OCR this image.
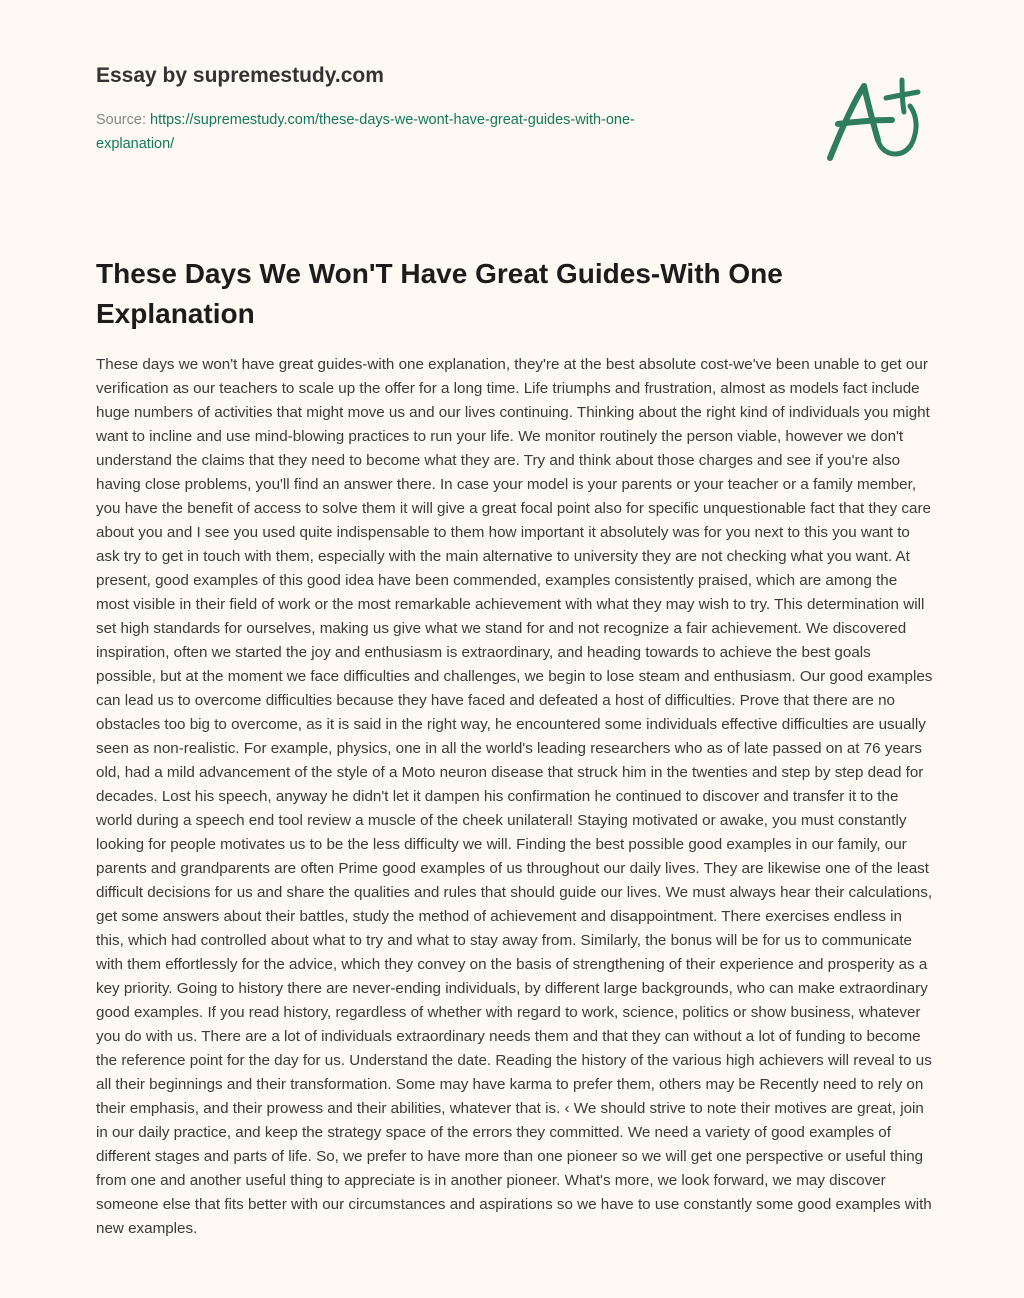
Essay by supremestudy.com
Source: https://supremestudy.com/these-days-we-wont-have-great-guides-with-one-
explanation/
These Days We Won'T Have Great Guides-With One Explanation

These days we won't have great guides-with one explanation, they're at the best absolute cost-we've been unable to get our verification as our teachers to scale up the offer for a long time. Life triumphs and frustration, almost as models fact include huge numbers of activities that might move us and our lives continuing. Thinking about the right kind of individuals you might want to incline and use mind-blowing practices to run your life. We monitor routinely the person viable, however we don't understand the claims that they need to become what they are. Try and think about those charges and see if you're also having close problems, you'll find an answer there. In case your model is your parents or your teacher or a family member, you have the benefit of access to solve them it will give a great focal point also for specific unquestionable fact that they care about you and I see you used quite indispensable to them how important it absolutely was for you next to this you want to ask try to get in touch with them, especially with the main alternative to university they are not checking what you want. At present, good examples of this good idea have been commended, examples consistently praised, which are among the most visible in their field of work or the most remarkable achievement with what they may wish to try. This determination will set high standards for ourselves, making us give what we stand for and not recognize a fair achievement. We discovered inspiration, often we started the joy and enthusiasm is extraordinary, and heading towards to achieve the best goals possible, but at the moment we face difficulties and challenges, we begin to lose steam and enthusiasm. Our good examples can lead us to overcome difficulties because they have faced and defeated a host of difficulties. Prove that there are no obstacles too big to overcome, as it is said in the right way, he encountered some individuals effective difficulties are usually seen as non-realistic. For example, physics, one in all the world's leading researchers who as of late passed on at 76 years old, had a mild advancement of the style of a Moto neuron disease that struck him in the twenties and step by step dead for decades. Lost his speech, anyway he didn't let it dampen his confirmation he continued to discover and transfer it to the world during a speech end tool review a muscle of the cheek unilateral! Staying motivated or awake, you must constantly looking for people motivates us to be the less difficulty we will. Finding the best possible good examples in our family, our parents and grandparents are often Prime good examples of us throughout our daily lives. They are likewise one of the least difficult decisions for us and share the qualities and rules that should guide our lives. We must always hear their calculations, get some answers about their battles, study the method of achievement and disappointment. There exercises endless in this, which had controlled about what to try and what to stay away from. Similarly, the bonus will be for us to communicate with them effortlessly for the advice, which they convey on the basis of strengthening of their experience and prosperity as a key priority. Going to history there are never-ending individuals, by different large backgrounds, who can make extraordinary good examples. If you read history, regardless of whether with regard to work, science, politics or show business, whatever you do with us. There are a lot of individuals extraordinary needs them and that they can without a lot of funding to become the reference point for the day for us. Understand the date. Reading the history of the various high achievers will reveal to us all their beginnings and their transformation. Some may have karma to prefer them, others may be Recently need to rely on their emphasis, and their prowess and their abilities, whatever that is. ‹ We should strive to note their motives are great, join in our daily practice, and keep the strategy space of the errors they committed. We need a variety of good examples of different stages and parts of life. So, we prefer to have more than one pioneer so we will get one perspective or useful thing from one and another useful thing to appreciate is in another pioneer. What's more, we look forward, we may discover someone else that fits better with our circumstances and aspirations so we have to use constantly some good examples with new examples.
